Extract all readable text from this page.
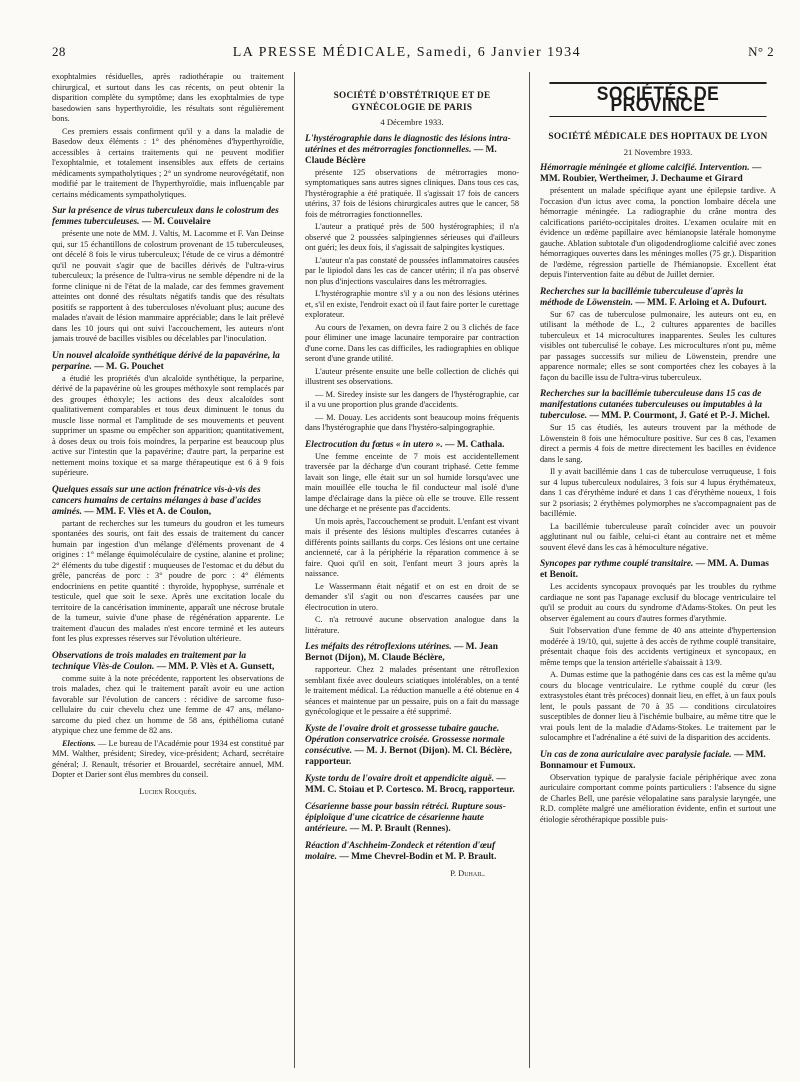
28	LA PRESSE MÉDICALE, Samedi, 6 Janvier 1934	N° 2

exophtalmies résiduelles, après radiothérapie ou traitement chirurgical, et surtout dans les cas récents, on peut obtenir la disparition complète du symptôme; dans les exophtalmies de type basedowien sans hyperthyroïdie, les résultats sont régulièrement bons.

Ces premiers essais confirment qu'il y a dans la maladie de Basedow deux éléments : 1° des phénomènes d'hyperthyroïdie, accessibles à certains traitements qui ne peuvent modifier l'exophtalmie, et totalement insensibles aux effets de certains médicaments sympatholytiques ; 2° un syndrome neurovégétatif, non modifié par le traitement de l'hyperthyroïdie, mais influençable par certains médicaments sympatholytiques.

Sur la présence de virus tuberculeux dans le colostrum des femmes tuberculeuses. — M. Couvelaire

présente une note de MM. J. Valtis, M. Lacomme et F. Van Deinse qui, sur 15 échantillons de colostrum provenant de 15 tuberculeuses, ont décelé 8 fois le virus tuberculeux; l'étude de ce virus a démontré qu'il ne pouvait s'agir que de bacilles dérivés de l'ultra-virus tuberculeux; la présence de l'ultra-virus ne semble dépendre ni de la forme clinique ni de l'état de la malade, car des femmes gravement atteintes ont donné des résultats négatifs tandis que des résultats positifs se rapportent à des tuberculoses n'évoluant plus; aucune des malades n'avait de lésion mammaire appréciable; dans le lait prélevé dans les 10 jours qui ont suivi l'accouchement, les auteurs n'ont jamais trouvé de bacilles visibles ou décelables par l'inoculation.

Un nouvel alcaloïde synthétique dérivé de la papavérine, la perparine. — M. G. Pouchet

a étudié les propriétés d'un alcaloïde synthétique, la perparine, dérivé de la papavérine où les groupes méthoxyle sont remplacés par des groupes éthoxyle; les actions des deux alcaloïdes sont qualitativement comparables et tous deux diminuent le tonus du muscle lisse normal et l'amplitude de ses mouvements et peuvent supprimer un spasme ou empêcher son apparition; quantitativement, à doses deux ou trois fois moindres, la perparine est beaucoup plus active sur l'intestin que la papavérine; d'autre part, la perparine est nettement moins toxique et sa marge thérapeutique est 6 à 9 fois supérieure.

Quelques essais sur une action frénatrice vis-à-vis des cancers humains de certains mélanges à base d'acides aminés. — MM. F. Vlès et A. de Coulon,

partant de recherches sur les tumeurs du goudron et les tumeurs spontanées des souris, ont fait des essais de traitement du cancer humain par ingestion d'un mélange d'éléments provenant de 4 origines : 1° mélange équimoléculaire de cystine, alanine et proline; 2° éléments du tube digestif : muqueuses de l'estomac et du début du grêle, pancréas de porc : 3° poudre de porc : 4° éléments endocriniens en petite quantité : thyroïde, hypophyse, surrénale et testicule, quel que soit le sexe. Après une excitation locale du territoire de la cancérisation imminente, apparaît une nécrose brutale de la tumeur, suivie d'une phase de régénération apparente. Le traitement d'aucun des malades n'est encore terminé et les auteurs font les plus expresses réserves sur l'évolution ultérieure.

Observations de trois malades en traitement par la technique Vlès-de Coulon. — MM. P. Vlès et A. Gunsett,

comme suite à la note précédente, rapportent les observations de trois malades, chez qui le traitement paraît avoir eu une action favorable sur l'évolution de cancers : récidive de sarcome fuso-cellulaire du cuir chevelu chez une femme de 47 ans, mélano-sarcome du pied chez un homme de 58 ans, épithélioma cutané atypique chez une femme de 82 ans.

Elections. — Le bureau de l'Académie pour 1934 est constitué par MM. Walther, président; Siredey, vice-président; Achard, secrétaire général; J. Renault, trésorier et Brouardel, secrétaire annuel, MM. Dopter et Darier sont élus membres du conseil.

Lucien Rouquès.
SOCIÉTÉ D'OBSTÉTRIQUE ET DE GYNÉCOLOGIE DE PARIS
4 Décembre 1933.
L'hystérographie dans le diagnostic des lésions intra-utérines et des métrorragies fonctionnelles. — M. Claude Béclère

présente 125 observations de métrorragies mono-symptomatiques sans autres signes cliniques. Dans tous ces cas, l'hystérographie a été pratiquée. Il s'agissait 17 fois de cancers utérins, 37 fois de lésions chirurgicales autres que le cancer, 58 fois de métrorragies fonctionnelles.

L'auteur a pratiqué près de 500 hystérographies; il n'a observé que 2 poussées salpingiennes sérieuses qui d'ailleurs ont guéri; les deux fois, il s'agissait de salpingites kystiques.

L'auteur n'a pas constaté de poussées inflammatoires causées par le lipiodol dans les cas de cancer utérin; il n'a pas observé non plus d'injections vasculaires dans les métrorragies.

L'hystérographie montre s'il y a ou non des lésions utérines et, s'il en existe, l'endroit exact où il faut faire porter le curettage explorateur.

Au cours de l'examen, on devra faire 2 ou 3 clichés de face pour éliminer une image lacunaire temporaire par contraction d'une corne. Dans les cas difficiles, les radiographies en oblique seront d'une grande utilité.

L'auteur présente ensuite une belle collection de clichés qui illustrent ses observations.

— M. Siredey insiste sur les dangers de l'hystérographie, car il a vu une proportion plus grande d'accidents.

— M. Douay. Les accidents sont beaucoup moins fréquents dans l'hystérographie que dans l'hystéro-salpingographie.

Electrocution du fœtus « in utero ». — M. Cathala.

Une femme enceinte de 7 mois est accidentellement traversée par la décharge d'un courant triphasé. Cette femme lavait son linge, elle était sur un sol humide lorsqu'avec une main mouillée elle toucha le fil conducteur mal isolé d'une lampe d'éclairage dans la pièce où elle se trouve. Elle ressent une décharge et ne présente pas d'accidents.

Un mois après, l'accouchement se produit. L'enfant est vivant mais il présente des lésions multiples d'escarres cutanées à différents points saillants du corps. Ces lésions ont une certaine ancienneté, car à la périphérie la réparation commence à se faire. Quoi qu'il en soit, l'enfant meurt 3 jours après la naissance.

Le Wassermann était négatif et on est en droit de se demander s'il s'agit ou non d'escarres causées par une électrocution in utero.

C. n'a retrouvé aucune observation analogue dans la littérature.

Les méfaits des rétroflexions utérines. — M. Jean Bernot (Dijon), M. Claude Béclère,

rapporteur. Chez 2 malades présentant une rétroflexion semblant fixée avec douleurs sciatiques intolérables, on a tenté le traitement médical. La réduction manuelle a été obtenue en 4 séances et maintenue par un pessaire, puis on a fait du massage gynécologique et le pessaire a été supprimé.

Kyste de l'ovaire droit et grossesse tubaire gauche. Opération conservatrice croisée. Grossesse normale consécutive. — M. J. Bernot (Dijon). M. Cl. Béclère, rapporteur.
Kyste tordu de l'ovaire droit et appendicite aiguë. — MM. C. Stoiau et P. Cortesco. M. Brocq, rapporteur.
Césarienne basse pour bassin rétréci. Rupture sous-épiploïque d'une cicatrice de césarienne haute antérieure. — M. P. Brault (Rennes).
Réaction d'Aschheim-Zondeck et rétention d'œuf molaire. — Mme Chevrel-Bodin et M. P. Brault.
P. Duhail.
SOCIÉTÉS DE PROVINCE
SOCIÉTÉ MÉDICALE DES HOPITAUX DE LYON
21 Novembre 1933.
Hémorragie méningée et gliome calcifié. Intervention. — MM. Roubier, Wertheimer, J. Dechaume et Girard

présentent un malade spécifique ayant une épilepsie tardive. A l'occasion d'un ictus avec coma, la ponction lombaire décela une hémorragie méningée. La radiographie du crâne montra des calcifications pariéto-occipitales droites. L'examen oculaire mit en évidence un œdème papillaire avec hémianopsie latérale homonyme gauche. Ablation subtotale d'un oligodendrogliome calcifié avec zones hémorragiques ouvertes dans les méninges molles (75 gr.). Disparition de l'œdème, régression partielle de l'hémianopsie. Excellent état depuis l'intervention faite au début de Juillet dernier.

Recherches sur la bacillémie tuberculeuse d'après la méthode de Löwenstein. — MM. F. Arloing et A. Dufourt.

Sur 67 cas de tuberculose pulmonaire, les auteurs ont eu, en utilisant la méthode de L., 2 cultures apparentes de bacilles tuberculeux et 14 microcultures inapparentes. Seules les cultures visibles ont tuberculisé le cobaye. Les microcultures n'ont pu, même par passages successifs sur milieu de Löwenstein, prendre une apparence normale; elles se sont comportées chez les cobayes à la façon du bacille issu de l'ultra-virus tuberculeux.

Recherches sur la bacillémie tuberculeuse dans 15 cas de manifestations cutanées tuberculeuses ou imputables à la tuberculose. — MM. P. Courmont, J. Gaté et P.-J. Michel.

Sur 15 cas étudiés, les auteurs trouvent par la méthode de Löwenstein 8 fois une hémoculture positive. Sur ces 8 cas, l'examen direct a permis 4 fois de mettre directement les bacilles en évidence dans le sang.

Il y avait bacillémie dans 1 cas de tuberculose verruqueuse, 1 fois sur 4 lupus tuberculeux nodulaires, 3 fois sur 4 lupus érythémateux, dans 1 cas d'érythème induré et dans 1 cas d'érythème noueux, 1 fois sur 2 psoriasis; 2 érythèmes polymorphes ne s'accompagnaient pas de bacillémie.

La bacillémie tuberculeuse paraît coïncider avec un pouvoir agglutinant nul ou faible, celui-ci étant au contraire net et même souvent élevé dans les cas à hémoculture négative.

Syncopes par rythme couplé transitaire. — MM. A. Dumas et Benoit.

Les accidents syncopaux provoqués par les troubles du rythme cardiaque ne sont pas l'apanage exclusif du blocage ventriculaire tel qu'il se produit au cours du syndrome d'Adams-Stokes. On peut les observer également au cours d'autres formes d'arythmie.

Suit l'observation d'une femme de 40 ans atteinte d'hypertension modérée à 19/10, qui, sujette à des accès de rythme couplé transitaire, présentait chaque fois des accidents vertigineux et syncopaux, en même temps que la tension artérielle s'abaissait à 13/9.

A. Dumas estime que la pathogénie dans ces cas est la même qu'au cours du blocage ventriculaire. Le rythme couplé du cœur (les extrasystoles étant très précoces) donnait lieu, en effet, à un faux pouls lent, le pouls passant de 70 à 35 — conditions circulatoires susceptibles de donner lieu à l'ischémie bulbaire, au même titre que le vrai pouls lent de la maladie d'Adams-Stokes. Le traitement par le sulocamphre et l'adrénaline a été suivi de la disparition des accidents.

Un cas de zona auriculaire avec paralysie faciale. — MM. Bonnamour et Fumoux.

Observation typique de paralysie faciale périphérique avec zona auriculaire comportant comme points particuliers : l'absence du signe de Charles Bell, une parésie vélopalatine sans paralysie laryngée, une R.D. complète malgré une amélioration évidente, enfin et surtout une étiologie sérothérapique possible puis-
